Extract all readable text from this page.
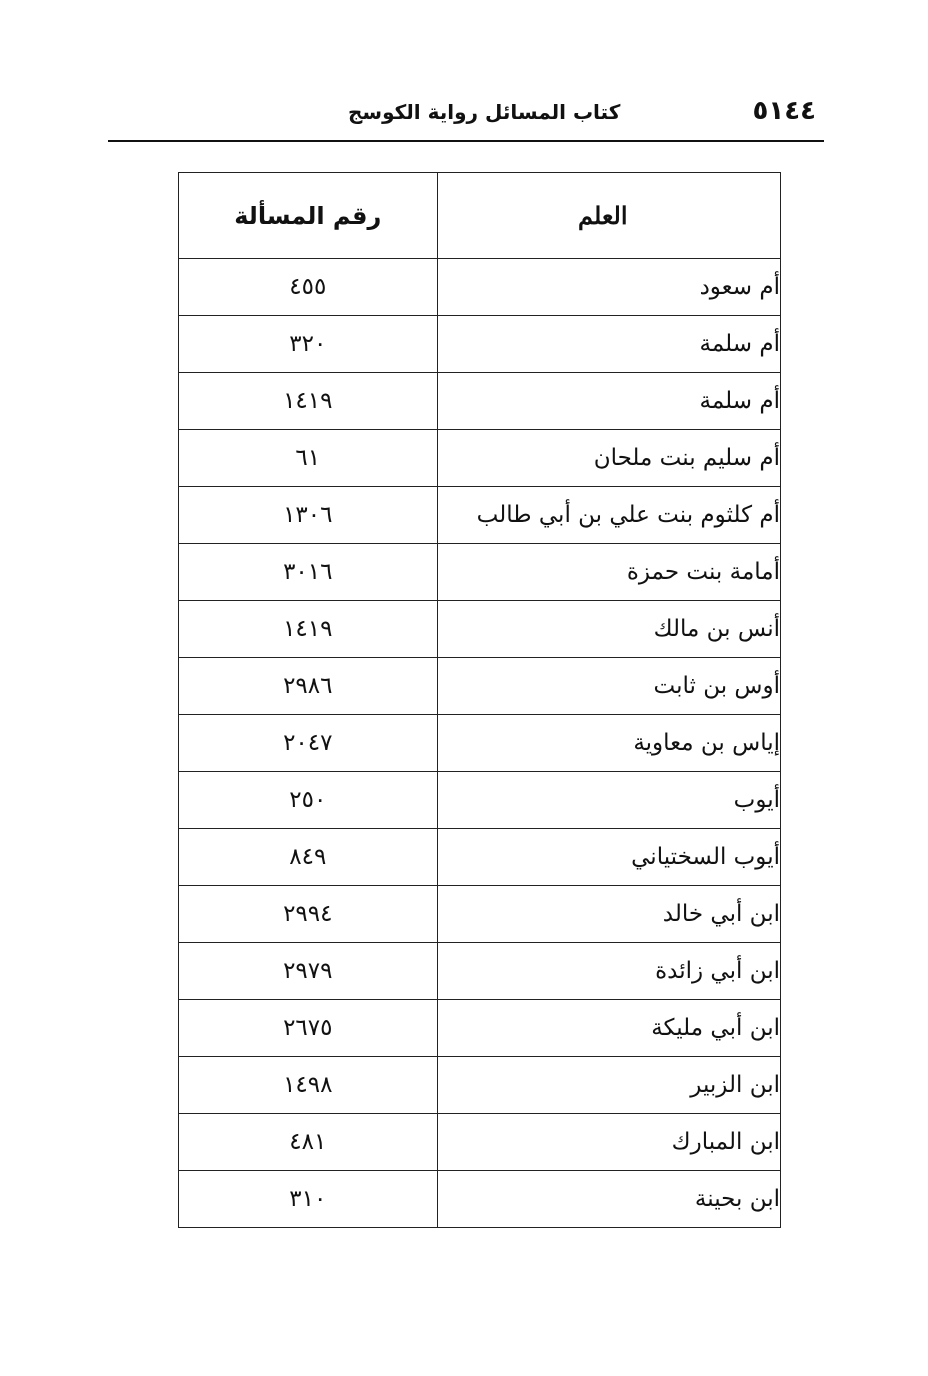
٥١٤٤
كتاب المسائل رواية الكوسج
العلم	رقم المسألة
أم سعود	٤٥٥
أم سلمة	٣٢٠
أم سلمة	١٤١٩
أم سليم بنت ملحان	٦١
أم كلثوم بنت علي بن أبي طالب	١٣٠٦
أمامة بنت حمزة	٣٠١٦
أنس بن مالك	١٤١٩
أوس بن ثابت	٢٩٨٦
إياس بن معاوية	٢٠٤٧
أيوب	٢٥٠
أيوب السختياني	٨٤٩
ابن أبي خالد	٢٩٩٤
ابن أبي زائدة	٢٩٧٩
ابن أبي مليكة	٢٦٧٥
ابن الزبير	١٤٩٨
ابن المبارك	٤٨١
ابن بحينة	٣١٠
